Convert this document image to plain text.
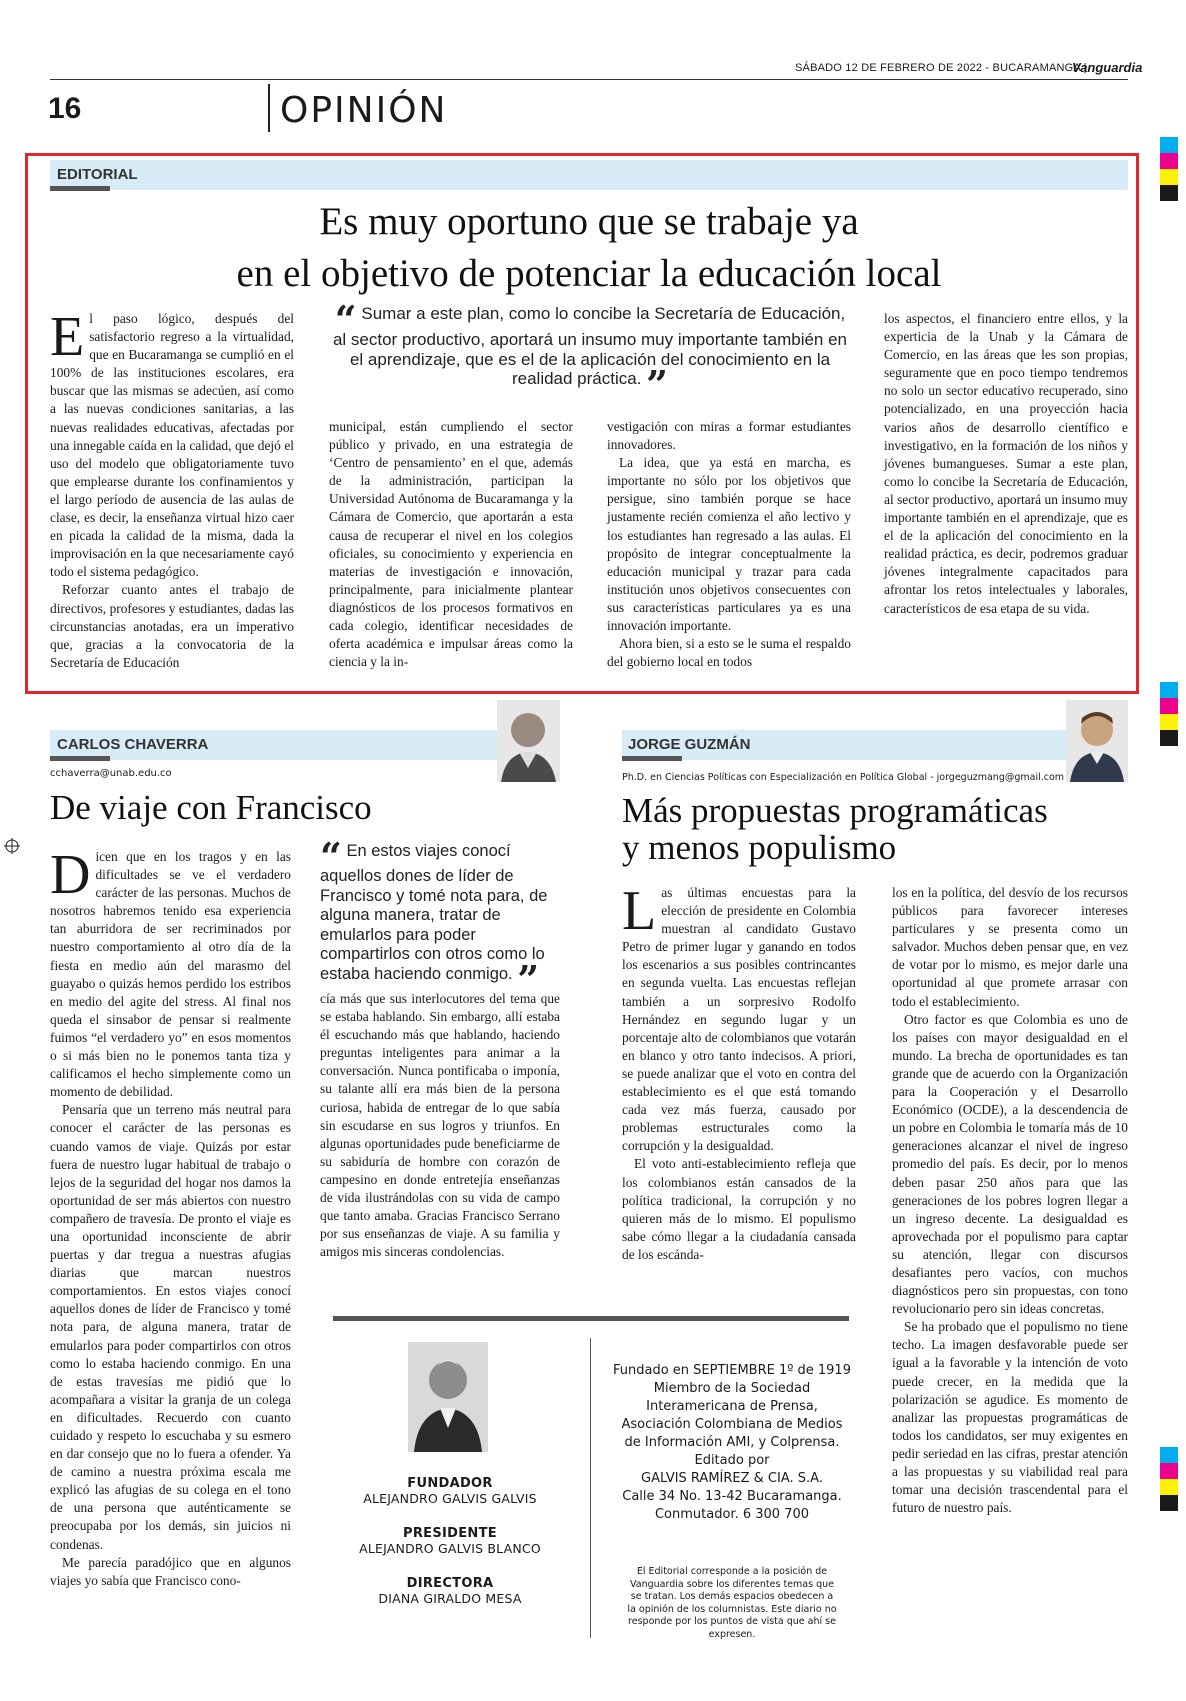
SÁBADO 12 DE FEBRERO DE 2022 - BUCARAMANGA |
Vanguardia
16	OPINIÓN
EDITORIAL
Es muy oportuno que se trabaje ya
en el objetivo de potenciar la educación local
E l paso lógico, después del satisfactorio regreso a la virtualidad, que en Bucaramanga se cumplió en el 100% de las instituciones escolares, era buscar que las mismas se adecúen, así como a las nuevas condiciones sanitarias, a las nuevas realidades educativas, afectadas por una innegable caída en la calidad, que dejó el uso del modelo que obligatoriamente tuvo que emplearse durante los confinamientos y el largo período de ausencia de las aulas de clase, es decir, la enseñanza virtual hizo caer en picada la calidad de la misma, dada la improvisación en la que necesariamente cayó todo el sistema pedagógico.

Reforzar cuanto antes el trabajo de directivos, profesores y estudiantes, dadas las circunstancias anotadas, era un imperativo que, gracias a la convocatoria de la Secretaría de Educación

“ Sumar a este plan, como lo concibe la Secretaría de Educación, al sector productivo, aportará un insumo muy importante también en el aprendizaje, que es el de la aplicación del conocimiento en la realidad práctica. ”

municipal, están cumpliendo el sector público y privado, en una estrategia de ‘Centro de pensamiento’ en el que, además de la administración, participan la Universidad Autónoma de Bucaramanga y la Cámara de Comercio, que aportarán a esta causa de recuperar el nivel en los colegios oficiales, su conocimiento y experiencia en materias de investigación e innovación, principalmente, para inicialmente plantear diagnósticos de los procesos formativos en cada colegio, identificar necesidades de oferta académica e impulsar áreas como la ciencia y la in-

vestigación con miras a formar estudiantes innovadores.

La idea, que ya está en marcha, es importante no sólo por los objetivos que persigue, sino también porque se hace justamente recién comienza el año lectivo y los estudiantes han regresado a las aulas. El propósito de integrar conceptualmente la educación municipal y trazar para cada institución unos objetivos consecuentes con sus características particulares ya es una innovación importante.

Ahora bien, si a esto se le suma el respaldo del gobierno local en todos

los aspectos, el financiero entre ellos, y la experticia de la Unab y la Cámara de Comercio, en las áreas que les son propias, seguramente que en poco tiempo tendremos no solo un sector educativo recuperado, sino potencializado, en una proyección hacia varios años de desarrollo científico e investigativo, en la formación de los niños y jóvenes bumangueses. Sumar a este plan, como lo concibe la Secretaría de Educación, al sector productivo, aportará un insumo muy importante también en el aprendizaje, que es el de la aplicación del conocimiento en la realidad práctica, es decir, podremos graduar jóvenes integralmente capacitados para afrontar los retos intelectuales y laborales, característicos de esa etapa de su vida.

CARLOS CHAVERRA
cchaverra@unab.edu.co
De viaje con Francisco
D icen que en los tragos y en las dificultades se ve el verdadero carácter de las personas. Muchos de nosotros habremos tenido esa experiencia tan aburridora de ser recriminados por nuestro comportamiento al otro día de la fiesta en medio aún del marasmo del guayabo o quizás hemos perdido los estribos en medio del agite del stress. Al final nos queda el sinsabor de pensar si realmente fuimos “el verdadero yo” en esos momentos o si más bien no le ponemos tanta tiza y calificamos el hecho simplemente como un momento de debilidad.

Pensaría que un terreno más neutral para conocer el carácter de las personas es cuando vamos de viaje. Quizás por estar fuera de nuestro lugar habitual de trabajo o lejos de la seguridad del hogar nos damos la oportunidad de ser más abiertos con nuestro compañero de travesía. De pronto el viaje es una oportunidad inconsciente de abrir puertas y dar tregua a nuestras afugias diarias que marcan nuestros comportamientos. En estos viajes conocí aquellos dones de líder de Francisco y tomé nota para, de alguna manera, tratar de emularlos para poder compartirlos con otros como lo estaba haciendo conmigo. En una de estas travesías me pidió que lo acompañara a visitar la granja de un colega en dificultades. Recuerdo con cuanto cuidado y respeto lo escuchaba y su esmero en dar consejo que no lo fuera a ofender. Ya de camino a nuestra próxima escala me explicó las afugias de su colega en el tono de una persona que auténticamente se preocupaba por los demás, sin juicios ni condenas.

Me parecía paradójico que en algunos viajes yo sabía que Francisco cono-

“ En estos viajes conocí aquellos dones de líder de Francisco y tomé nota para, de alguna manera, tratar de emularlos para poder compartirlos con otros como lo estaba haciendo conmigo. ”

cía más que sus interlocutores del tema que se estaba hablando. Sin embargo, allí estaba él escuchando más que hablando, haciendo preguntas inteligentes para animar a la conversación. Nunca pontificaba o imponía, su talante allí era más bien de la persona curiosa, habida de entregar de lo que sabía sin escudarse en sus logros y triunfos. En algunas oportunidades pude beneficiarme de su sabiduría de hombre con corazón de campesino en donde entretejía enseñanzas de vida ilustrándolas con su vida de campo que tanto amaba. Gracias Francisco Serrano por sus enseñanzas de viaje. A su familia y amigos mis sinceras condolencias.

JORGE GUZMÁN
Ph.D. en Ciencias Políticas con Especialización en Política Global - jorgeguzmang@gmail.com
Más propuestas programáticas
y menos populismo
L as últimas encuestas para la elección de presidente en Colombia muestran al candidato Gustavo Petro de primer lugar y ganando en todos los escenarios a sus posibles contrincantes en segunda vuelta. Las encuestas reflejan también a un sorpresivo Rodolfo Hernández en segundo lugar y un porcentaje alto de colombianos que votarán en blanco y otro tanto indecisos. A priori, se puede analizar que el voto en contra del establecimiento es el que está tomando cada vez más fuerza, causado por problemas estructurales como la corrupción y la desigualdad.

El voto anti-establecimiento refleja que los colombianos están cansados de la política tradicional, la corrupción y no quieren más de lo mismo. El populismo sabe cómo llegar a la ciudadanía cansada de los escánda-

los en la política, del desvío de los recursos públicos para favorecer intereses particulares y se presenta como un salvador. Muchos deben pensar que, en vez de votar por lo mismo, es mejor darle una oportunidad al que promete arrasar con todo el establecimiento.

Otro factor es que Colombia es uno de los países con mayor desigualdad en el mundo. La brecha de oportunidades es tan grande que de acuerdo con la Organización para la Cooperación y el Desarrollo Económico (OCDE), a la descendencia de un pobre en Colombia le tomaría más de 10 generaciones alcanzar el nivel de ingreso promedio del país. Es decir, por lo menos deben pasar 250 años para que las generaciones de los pobres logren llegar a un ingreso decente. La desigualdad es aprovechada por el populismo para captar su atención, llegar con discursos desafiantes pero vacíos, con muchos diagnósticos pero sin propuestas, con tono revolucionario pero sin ideas concretas.

Se ha probado que el populismo no tiene techo. La imagen desfavorable puede ser igual a la favorable y la intención de voto puede crecer, en la medida que la polarización se agudice. Es momento de analizar las propuestas programáticas de todos los candidatos, ser muy exigentes en pedir seriedad en las cifras, prestar atención a las propuestas y su viabilidad real para tomar una decisión trascendental para el futuro de nuestro país.

FUNDADOR
ALEJANDRO GALVIS GALVIS
PRESIDENTE
ALEJANDRO GALVIS BLANCO
DIRECTORA
DIANA GIRALDO MESA
Fundado en SEPTIEMBRE 1º de 1919
Miembro de la Sociedad
Interamericana de Prensa,
Asociación Colombiana de Medios
de Información AMI, y Colprensa.
Editado por
GALVIS RAMÍREZ & CIA. S.A.
Calle 34 No. 13-42 Bucaramanga.
Conmutador. 6 300 700
El Editorial corresponde a la posición de Vanguardia sobre los diferentes temas que se tratan. Los demás espacios obedecen a la opinión de los columnistas. Este diario no responde por los puntos de vista que ahí se expresen.
